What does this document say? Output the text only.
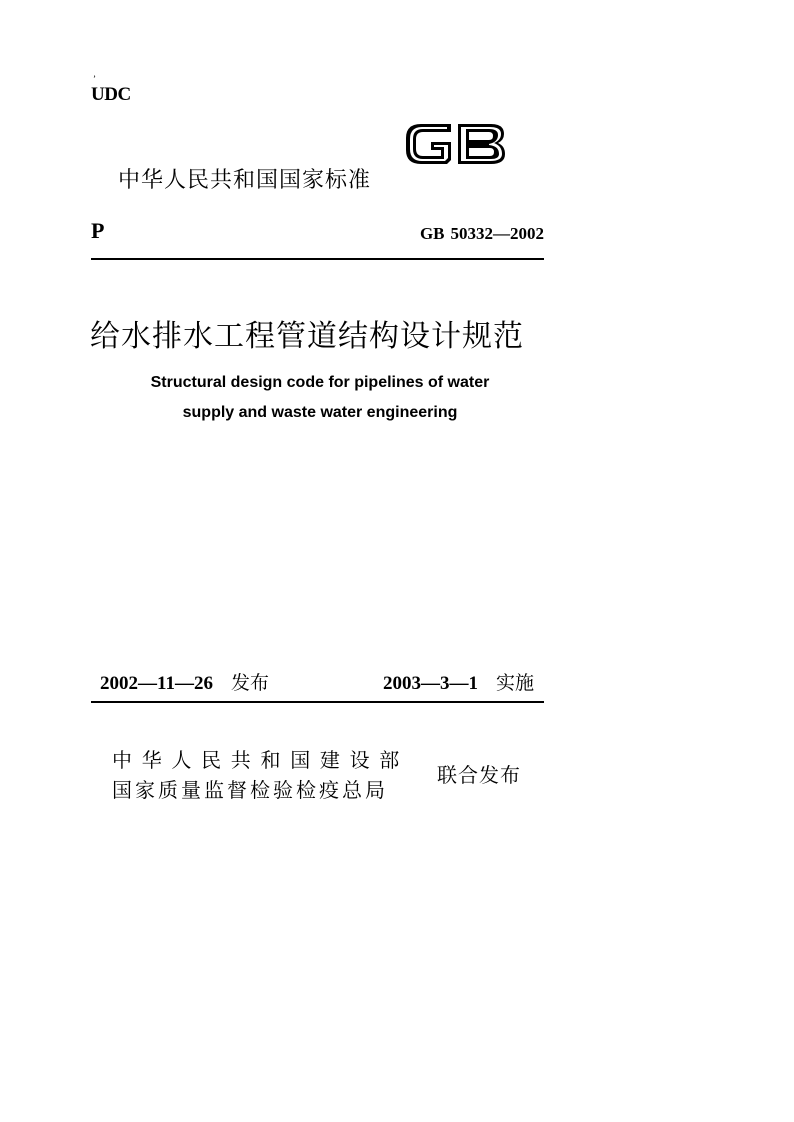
’
UDC
中华人民共和国国家标准
P	GB 50332—2002
给水排水工程管道结构设计规范
Structural design code for pipelines of water
supply and waste water engineering
2002—11—26 发布	2003—3—1 实施
中华人民共和国建设部
国家质量监督检验检疫总局
联合发布
